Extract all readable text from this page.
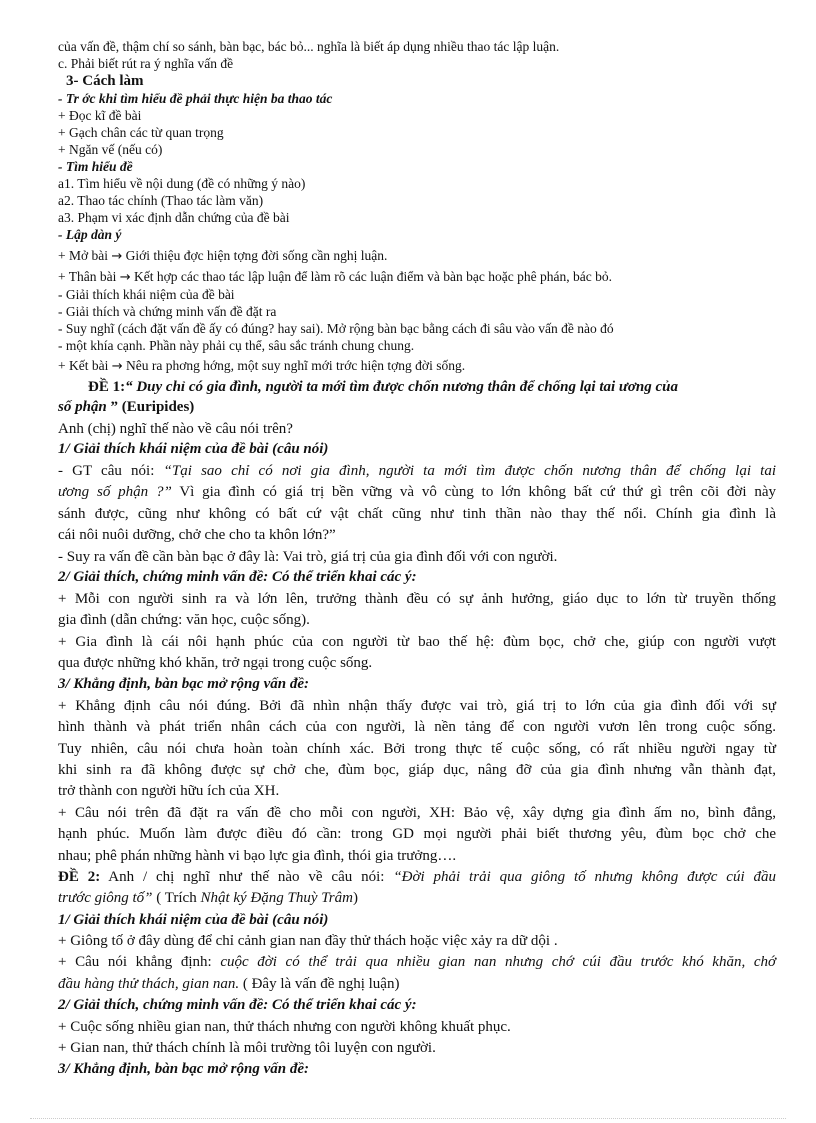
của vấn đề, thậm chí so sánh, bàn bạc, bác bỏ... nghĩa là biết áp dụng nhiều thao tác lập luận.
c. Phải biết rút ra ý nghĩa vấn đề
3- Cách làm
- Tr ớc khi tìm hiểu đề phải thực hiện ba thao tác
+ Đọc kĩ đề bài
+ Gạch chân các từ quan trọng
+ Ngăn vế (nếu có)
- Tìm hiểu đề
a1. Tìm hiểu về nội dung (đề có những ý nào)
a2. Thao tác chính (Thao tác làm văn)
a3. Phạm vi xác định dẫn chứng của đề bài
- Lập dàn ý
+ Mở bài → Giới thiệu đợc hiện tợng đời sống cần nghị luận.
+ Thân bài → Kết hợp các thao tác lập luận để làm rõ các luận điểm và bàn bạc hoặc phê phán, bác bỏ.
- Giải thích khái niệm của đề bài
- Giải thích và chứng minh vấn đề đặt ra
- Suy nghĩ (cách đặt vấn đề ấy có đúng? hay sai). Mở rộng bàn bạc bằng cách đi sâu vào vấn đề nào đó
- một khía cạnh. Phần này phải cụ thể, sâu sắc tránh chung chung.
+ Kết bài → Nêu ra phơng hớng, một suy nghĩ mới trớc hiện tợng đời sống.
ĐỀ 1:“ Duy chỉ có gia đình, người ta mới tìm được chốn nương thân để chống lại tai ương của
số phận ” (Euripides)
Anh (chị) nghĩ thế nào về câu nói trên?
1/ Giải thích khái niệm của đề bài (câu nói)
- GT câu nói: “Tại sao chỉ có nơi gia đình, người ta mới tìm được chốn nương thân để chống lại tai
ương số phận ?” Vì gia đình có giá trị bền vững và vô cùng to lớn không bất cứ thứ gì trên cõi đời này
sánh được, cũng như không có bất cứ vật chất cũng như tinh thần nào thay thế nổi. Chính gia đình là
cái nôi nuôi dưỡng, chở che cho ta khôn lớn?”
- Suy ra vấn đề cần bàn bạc ở đây là: Vai trò, giá trị của gia đình đối với con người.
2/ Giải thích, chứng minh vấn đề: Có thể triển khai các ý:
+ Mỗi con người sinh ra và lớn lên, trưởng thành đều có sự ảnh hưởng, giáo dục to lớn từ truyền thống
gia đình (dẫn chứng: văn học, cuộc sống).
+ Gia đình là cái nôi hạnh phúc của con người từ bao thế hệ: đùm bọc, chở che, giúp con người vượt
qua được những khó khăn, trở ngại trong cuộc sống.
3/ Khẳng định, bàn bạc mở rộng vấn đề:
+ Khẳng định câu nói đúng. Bởi đã nhìn nhận thấy được vai trò, giá trị to lớn của gia đình đối với sự
hình thành và phát triển nhân cách của con người, là nền tảng để con người vươn lên trong cuộc sống.
Tuy nhiên, câu nói chưa hoàn toàn chính xác. Bởi trong thực tế cuộc sống, có rất nhiều người ngay từ
khi sinh ra đã không được sự chở che, đùm bọc, giáp dục, nâng đỡ của gia đình nhưng vẫn thành đạt,
trở thành con người hữu ích của XH.
+ Câu nói trên đã đặt ra vấn đề cho mỗi con người, XH: Bảo vệ, xây dựng gia đình ấm no, bình đẳng,
hạnh phúc. Muốn làm được điều đó cần: trong GD mọi người phải biết thương yêu, đùm bọc chở che
nhau; phê phán những hành vi bạo lực gia đình, thói gia trưởng….
ĐỀ 2: Anh / chị nghĩ như thế nào về câu nói: “Đời phải trải qua giông tố nhưng không được cúi đầu
trước giông tố” ( Trích Nhật ký Đặng Thuỳ Trâm)
1/ Giải thích khái niệm của đề bài (câu nói)
+ Giông tố ở đây dùng để chỉ cảnh gian nan đầy thử thách hoặc việc xảy ra dữ dội .
+ Câu nói khẳng định: cuộc đời có thể trải qua nhiều gian nan nhưng chớ cúi đầu trước khó khăn, chớ
đầu hàng thử thách, gian nan. ( Đây là vấn đề nghị luận)
2/ Giải thích, chứng minh vấn đề: Có thể triển khai các ý:
+ Cuộc sống nhiều gian nan, thử thách nhưng con người không khuất phục.
+ Gian nan, thử thách chính là môi trường tôi luyện con người.
3/ Khẳng định, bàn bạc mở rộng vấn đề:
